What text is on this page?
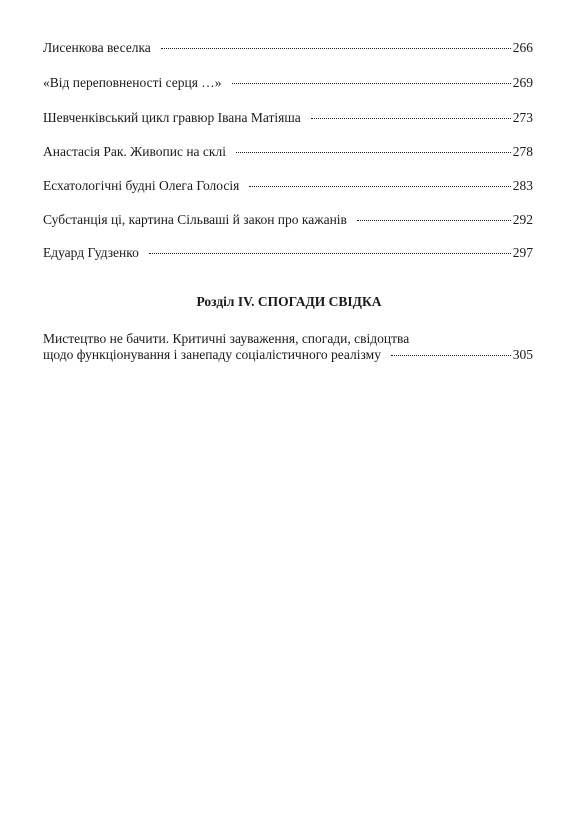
Лисенкова веселка	266
«Від переповненості серця …»	269
Шевченківський цикл гравюр Івана Матіяша	273
Анастасія Рак. Живопис на склі	278
Есхатологічні будні Олега Голосія	283
Субстанція ці, картина Сільваші й закон про кажанів	292
Едуард Гудзенко	297
Розділ IV. СПОГАДИ СВІДКА
Мистецтво не бачити. Критичні зауваження, спогади, свідоцтва
щодо функціонування і занепаду соціалістичного реалізму	305
